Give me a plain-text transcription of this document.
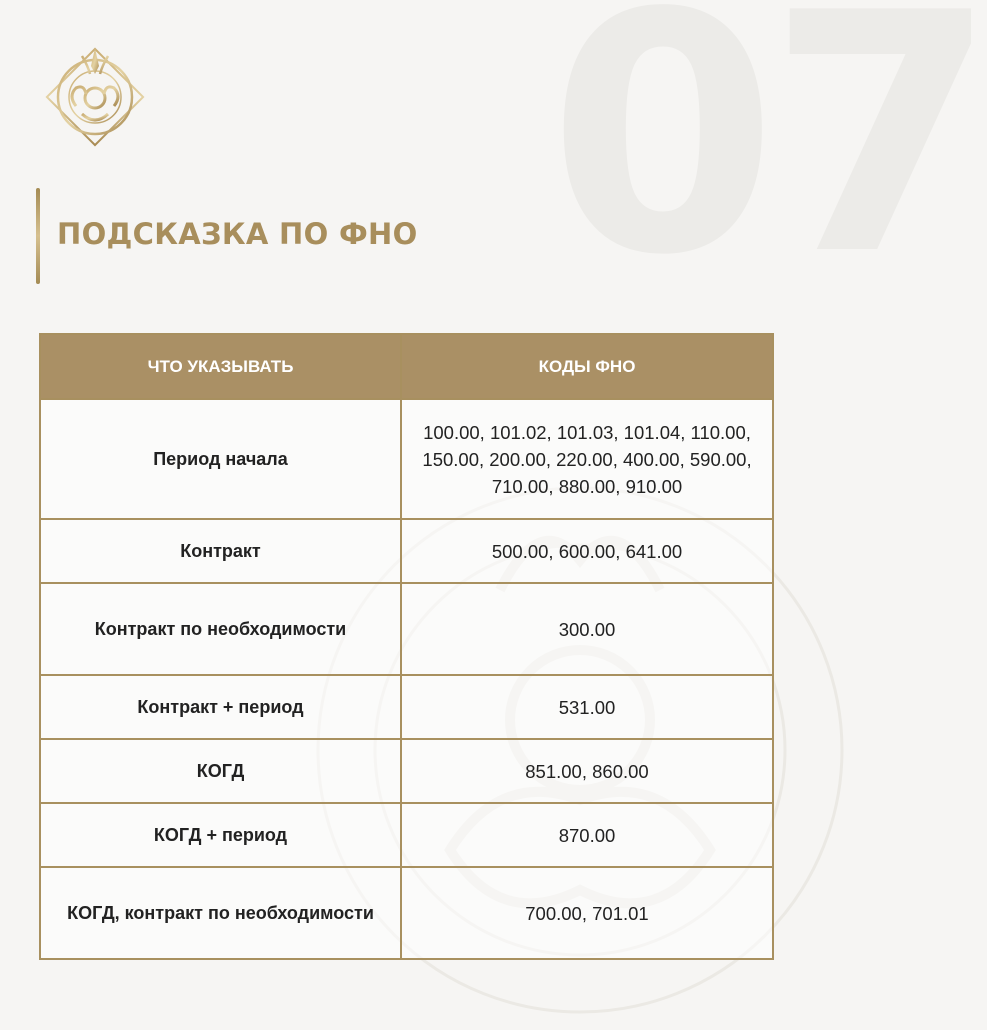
07
ПОДСКАЗКА ПО ФНО
ЧТО УКАЗЫВАТЬ	КОДЫ ФНО
Период начала	100.00, 101.02, 101.03, 101.04, 110.00, 150.00, 200.00, 220.00, 400.00, 590.00, 710.00, 880.00, 910.00
Контракт	500.00, 600.00, 641.00
Контракт по необходимости	300.00
Контракт + период	531.00
КОГД	851.00, 860.00
КОГД + период	870.00
КОГД, контракт по необходимости	700.00, 701.01
